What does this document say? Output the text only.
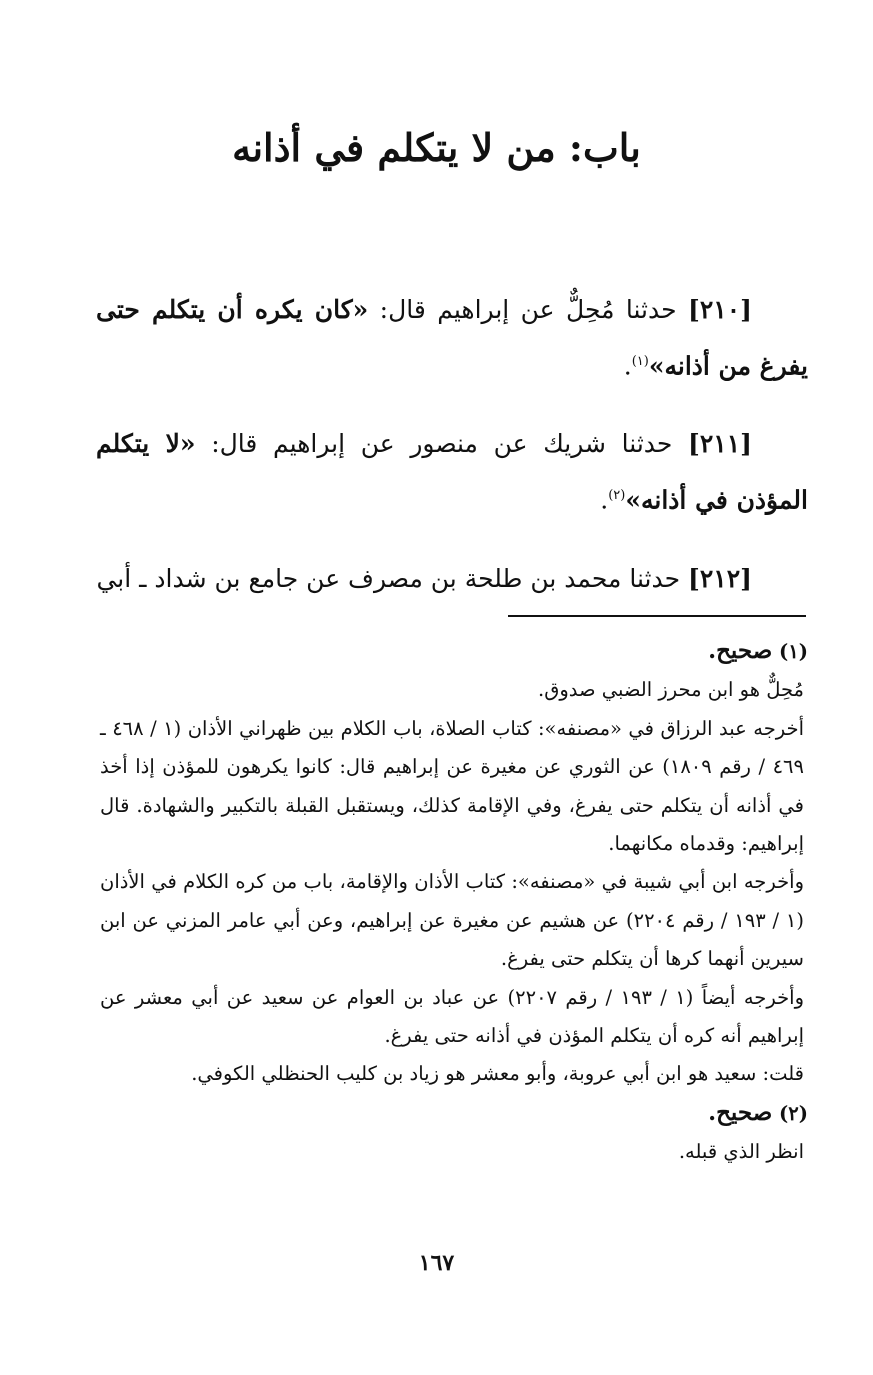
باب: من لا يتكلم في أذانه

[٢١٠] حدثنا مُحِلٌّ عن إبراهيم قال: «كان يكره أن يتكلم حتى يفرغ من أذانه»$^{(١)}$.

[٢١١] حدثنا شريك عن منصور عن إبراهيم قال: «لا يتكلم المؤذن في أذانه»$^{(٢)}$.

[٢١٢] حدثنا محمد بن طلحة بن مصرف عن جامع بن شداد ـ أبي

(١) صحيح.

مُحِلٌّ هو ابن محرز الضبي صدوق.

أخرجه عبد الرزاق في «مصنفه»: كتاب الصلاة، باب الكلام بين ظهراني الأذان (١ / ٤٦٨ ـ ٤٦٩ / رقم ١٨٠٩) عن الثوري عن مغيرة عن إبراهيم قال: كانوا يكرهون للمؤذن إذا أخذ في أذانه أن يتكلم حتى يفرغ، وفي الإقامة كذلك، ويستقبل القبلة بالتكبير والشهادة. قال إبراهيم: وقدماه مكانهما.

وأخرجه ابن أبي شيبة في «مصنفه»: كتاب الأذان والإقامة، باب من كره الكلام في الأذان (١ / ١٩٣ / رقم ٢٢٠٤) عن هشيم عن مغيرة عن إبراهيم، وعن أبي عامر المزني عن ابن سيرين أنهما كرها أن يتكلم حتى يفرغ.

وأخرجه أيضاً (١ / ١٩٣ / رقم ٢٢٠٧) عن عباد بن العوام عن سعيد عن أبي معشر عن إبراهيم أنه كره أن يتكلم المؤذن في أذانه حتى يفرغ.

قلت: سعيد هو ابن أبي عروبة، وأبو معشر هو زياد بن كليب الحنظلي الكوفي.

(٢) صحيح.

انظر الذي قبله.

١٦٧
